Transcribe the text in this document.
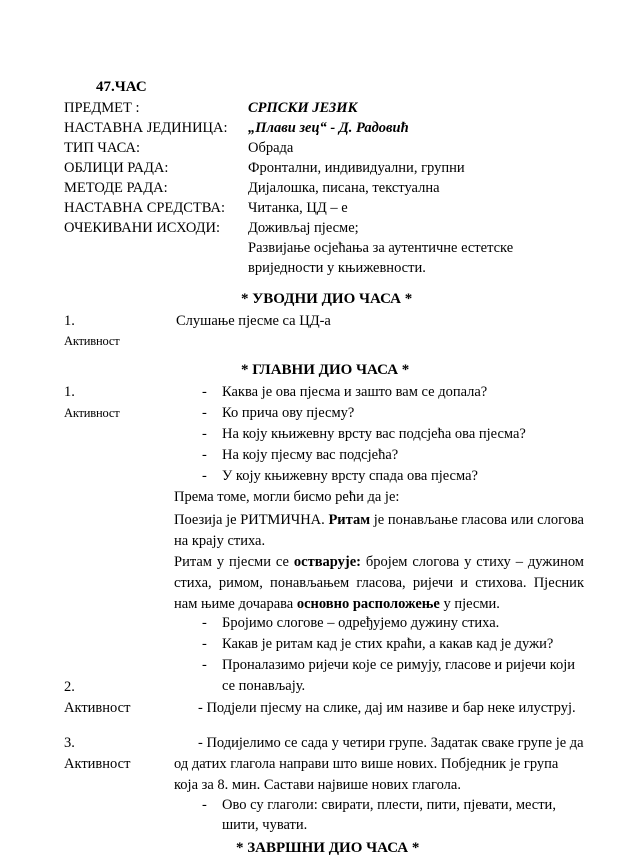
47.ЧАС
ПРЕДМЕТ :	СРПСКИ ЈЕЗИК
НАСТАВНА ЈЕДИНИЦА: „Плави зец“ - Д. Радовић
ТИП ЧАСА:	Обрада
ОБЛИЦИ РАДА:	Фронтални, индивидуални, групни
МЕТОДЕ РАДА:	Дијалошка, писана, текстуална
НАСТАВНА СРЕДСТВА: Читанка, ЦД – е
ОЧЕКИВАНИ ИСХОДИ: Доживљај пјесме;
Развијање осјећања за аутентичне естетске
вриједности у књижевности.
* УВОДНИ ДИО ЧАСА *
1.	Слушање пјесме са ЦД-а
Активност
* ГЛАВНИ ДИО ЧАСА *
1.
Активност
-	Каква је ова пјесма и зашто вам се допала?
-	Ко прича ову пјесму?
-	На коју књижевну врсту вас подсјећа ова пјесма?
-	На коју пјесму вас подсјећа?
-	У коју књижевну врсту спада ова пјесма?
Према томе, могли бисмо рећи да је:
Поезија је РИТМИЧНА. Ритам је понављање гласова или слогова на крају стиха.
Ритам у пјесми се остварује: бројем слогова у стиху – дужином стиха, римом, понављањем гласова, ријечи и стихова. Пјесник нам њиме дочарава основно расположење у пјесми.
-	Бројимо слогове – одређујемо дужину стиха.
-	Какав је ритам кад је стих краћи, а какав кад је дужи?
-	Проналазимо ријечи које се римују, гласове и ријечи који
се понављају.
2.
Активност	- Подјели пјесму на слике, дај им називе и бар неке илуструј.
3.
Активност
- Подијелимо се сада у четири групе. Задатак сваке групе је да
од датих глагола направи што више нових. Побједник је група
која за 8. мин. Састави највише нових глагола.
-	Ово су глаголи: свирати, плести, пити, пјевати, мести,
шити, чувати.
* ЗАВРШНИ ДИО ЧАСА *
